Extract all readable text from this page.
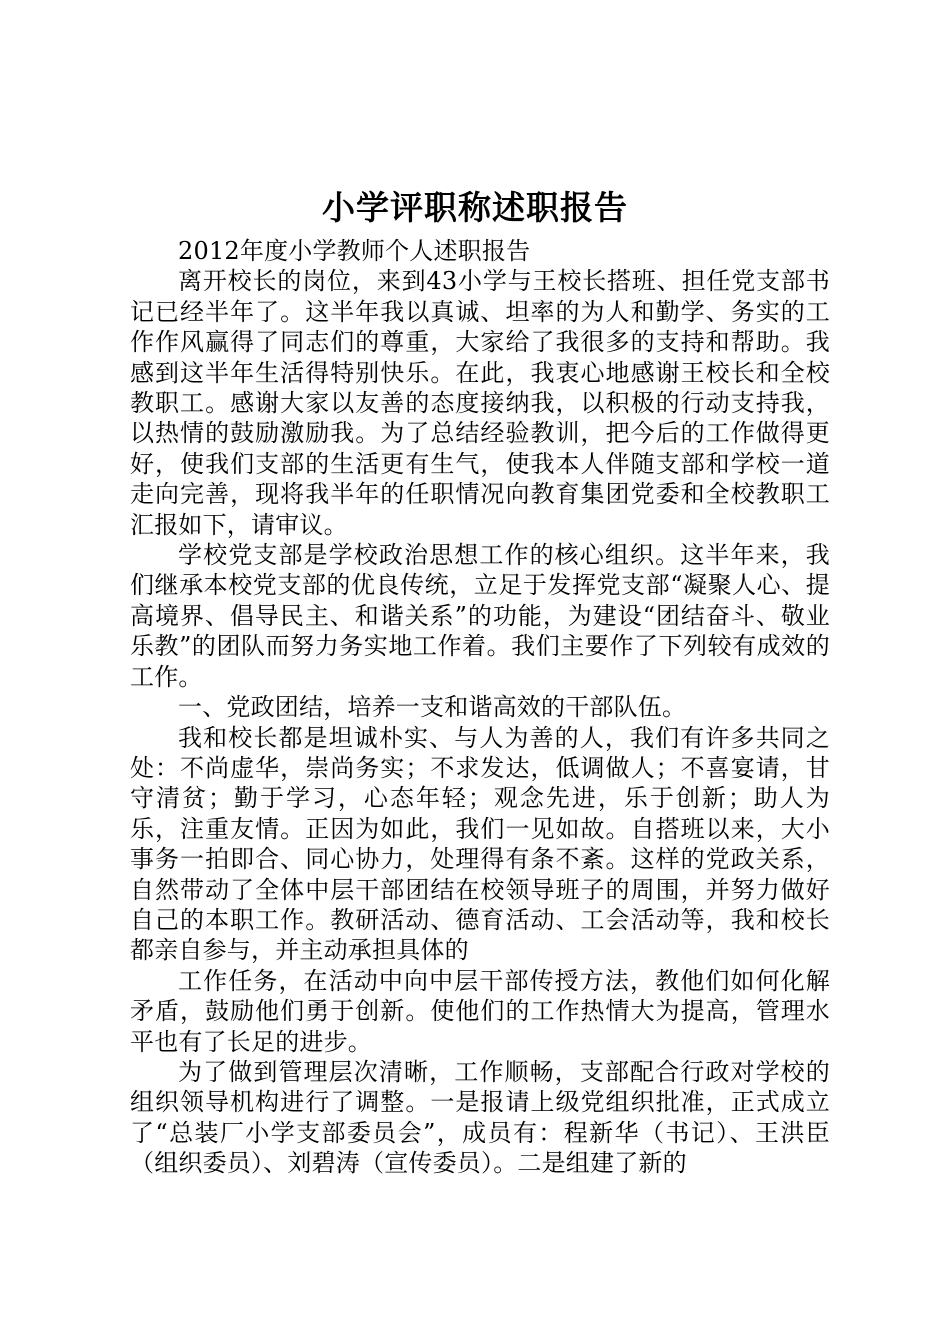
小学评职称述职报告

2012年度小学教师个人述职报告

离开校长的岗位，来到43小学与王校长搭班、担任党支部书记已经半年了。这半年我以真诚、坦率的为人和勤学、务实的工作作风赢得了同志们的尊重，大家给了我很多的支持和帮助。我感到这半年生活得特别快乐。在此，我衷心地感谢王校长和全校教职工。感谢大家以友善的态度接纳我，以积极的行动支持我，以热情的鼓励激励我。为了总结经验教训，把今后的工作做得更好，使我们支部的生活更有生气，使我本人伴随支部和学校一道走向完善，现将我半年的任职情况向教育集团党委和全校教职工汇报如下，请审议。

学校党支部是学校政治思想工作的核心组织。这半年来，我们继承本校党支部的优良传统，立足于发挥党支部“凝聚人心、提高境界、倡导民主、和谐关系”的功能，为建设“团结奋斗、敬业乐教”的团队而努力务实地工作着。我们主要作了下列较有成效的工作。

一、党政团结，培养一支和谐高效的干部队伍。

我和校长都是坦诚朴实、与人为善的人，我们有许多共同之处：不尚虚华，崇尚务实；不求发达，低调做人；不喜宴请，甘守清贫；勤于学习，心态年轻；观念先进，乐于创新；助人为乐，注重友情。正因为如此，我们一见如故。自搭班以来，大小事务一拍即合、同心协力，处理得有条不紊。这样的党政关系，自然带动了全体中层干部团结在校领导班子的周围，并努力做好自己的本职工作。教研活动、德育活动、工会活动等，我和校长都亲自参与，并主动承担具体的

工作任务，在活动中向中层干部传授方法，教他们如何化解矛盾，鼓励他们勇于创新。使他们的工作热情大为提高，管理水平也有了长足的进步。

为了做到管理层次清晰，工作顺畅，支部配合行政对学校的组织领导机构进行了调整。一是报请上级党组织批准，正式成立了“总装厂小学支部委员会”，成员有：程新华（书记）、王洪臣（组织委员）、刘碧涛（宣传委员）。二是组建了新的
